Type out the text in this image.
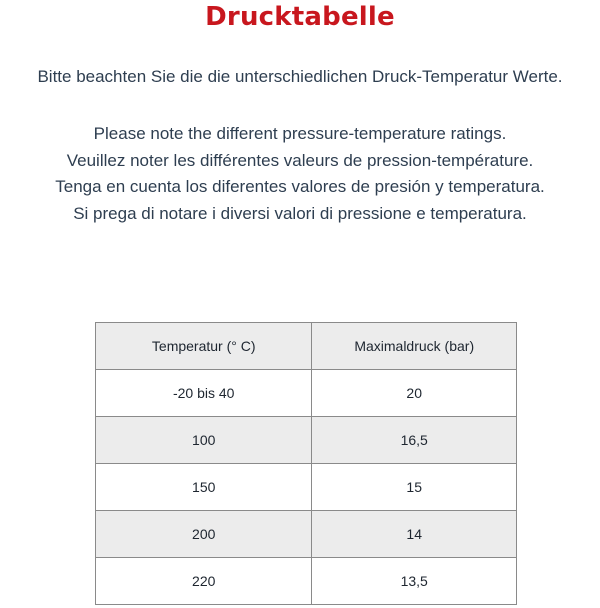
Drucktabelle
Bitte beachten Sie die die unterschiedlichen Druck-Temperatur Werte.
Please note the different pressure-temperature ratings.
Veuillez noter les différentes valeurs de pression-température.
Tenga en cuenta los diferentes valores de presión y temperatura.
Si prega di notare i diversi valori di pressione e temperatura.
Temperatur (° C)	Maximaldruck (bar)
-20 bis 40	20
100	16,5
150	15
200	14
220	13,5
